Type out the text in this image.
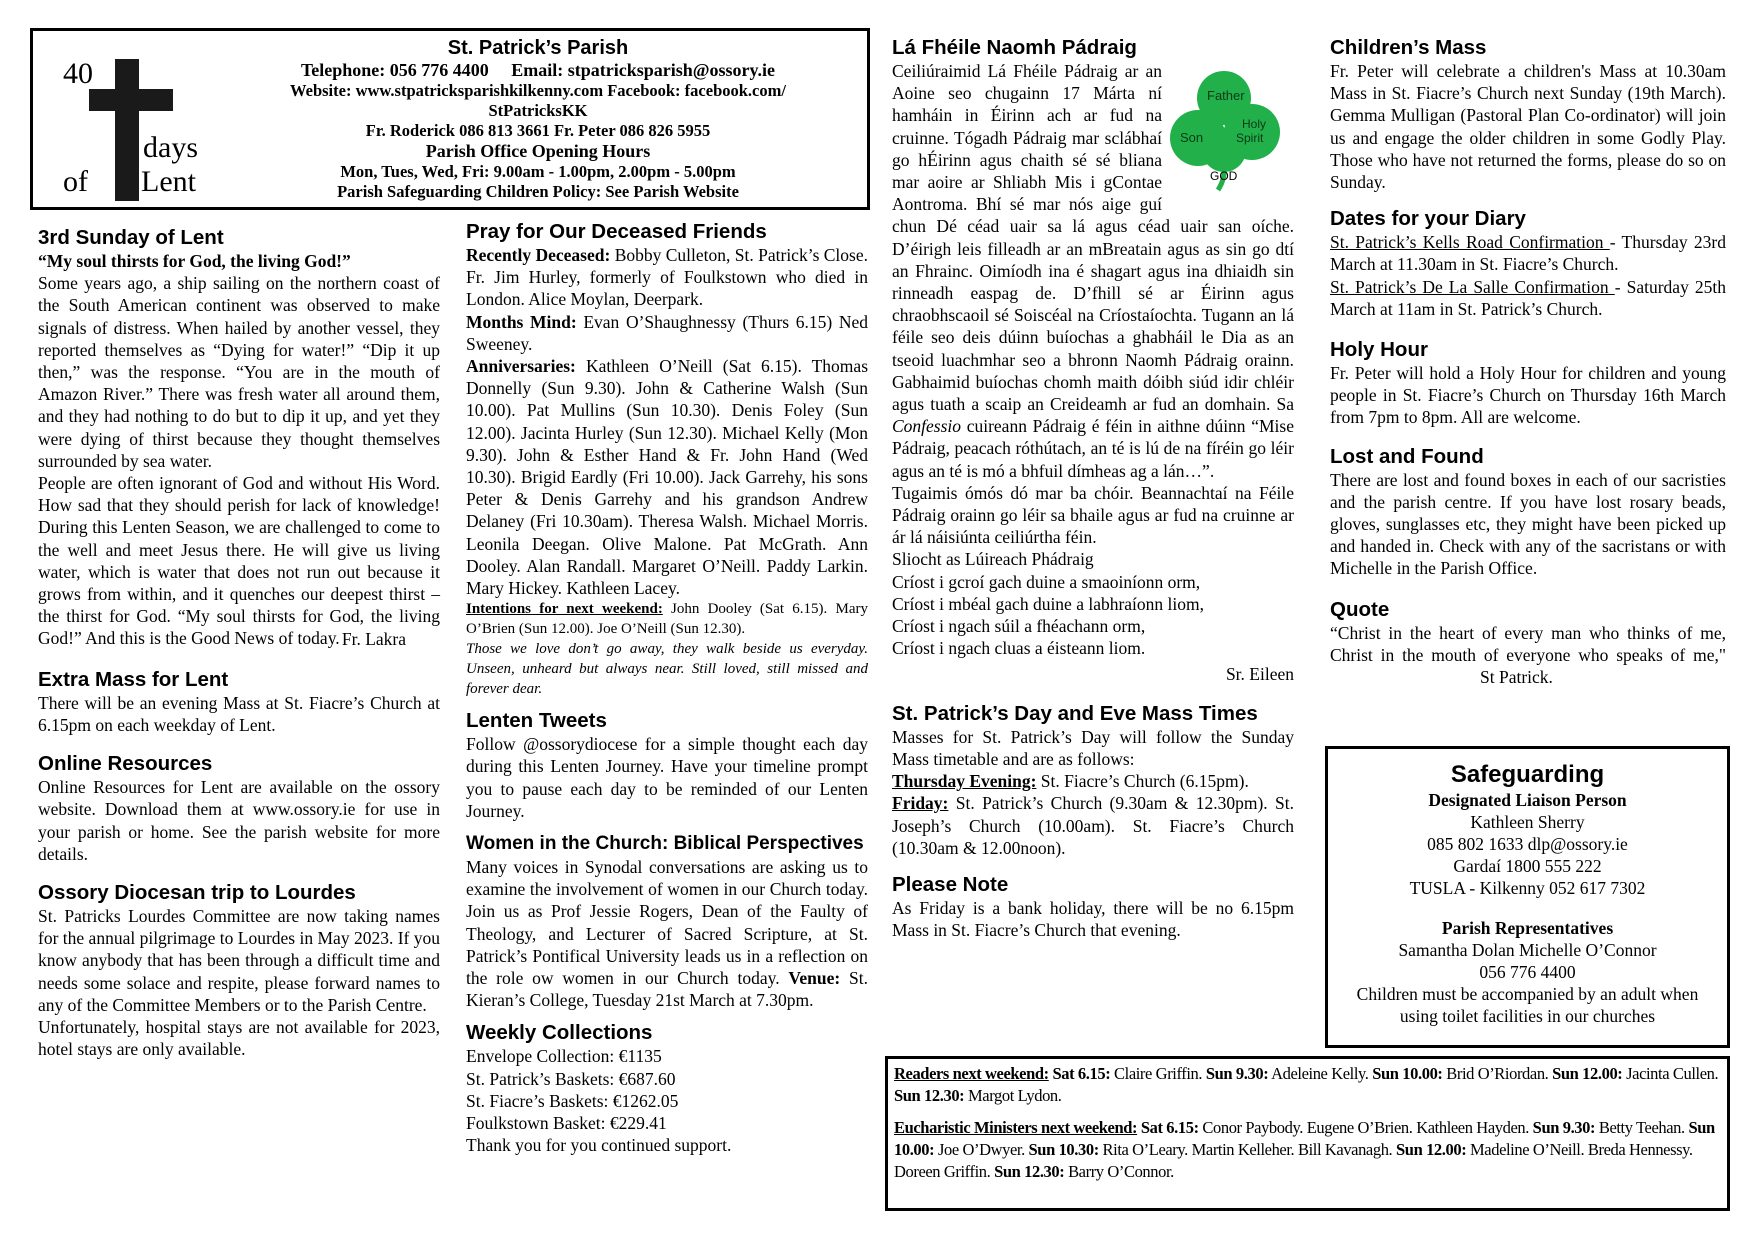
40
days
of Lent
St. Patrick’s Parish
Telephone: 056 776 4400 Email: stpatricksparish@ossory.ie
Website: www.stpatricksparishkilkenny.com Facebook: facebook.com/
StPatricksKK
Fr. Roderick 086 813 3661 Fr. Peter 086 826 5955
Parish Office Opening Hours
Mon, Tues, Wed, Fri: 9.00am - 1.00pm, 2.00pm - 5.00pm
Parish Safeguarding Children Policy: See Parish Website
3rd Sunday of Lent

“My soul thirsts for God, the living God!”

Some years ago, a ship sailing on the northern coast of the South American continent was observed to make signals of distress. When hailed by another vessel, they reported themselves as “Dying for water!” “Dip it up then,” was the response. “You are in the mouth of Amazon River.” There was fresh water all around them, and they had nothing to do but to dip it up, and yet they were dying of thirst because they thought themselves surrounded by sea water.

People are often ignorant of God and without His Word. How sad that they should perish for lack of knowledge! During this Lenten Season, we are challenged to come to the well and meet Jesus there. He will give us living water, which is water that does not run out because it grows from within, and it quenches our deepest thirst – the thirst for God. “My soul thirsts for God, the living God!” And this is the Good News of today. Fr. Lakra

Extra Mass for Lent

There will be an evening Mass at St. Fiacre’s Church at 6.15pm on each weekday of Lent.

Online Resources

Online Resources for Lent are available on the ossory website. Download them at www.ossory.ie for use in your parish or home. See the parish website for more details.

Ossory Diocesan trip to Lourdes

St. Patricks Lourdes Committee are now taking names for the annual pilgrimage to Lourdes in May 2023. If you know anybody that has been through a difficult time and needs some solace and respite, please forward names to any of the Committee Members or to the Parish Centre.

Unfortunately, hospital stays are not available for 2023, hotel stays are only available.

Pray for Our Deceased Friends

Recently Deceased: Bobby Culleton, St. Patrick’s Close. Fr. Jim Hurley, formerly of Foulkstown who died in London. Alice Moylan, Deerpark.

Months Mind: Evan O’Shaughnessy (Thurs 6.15) Ned Sweeney.

Anniversaries: Kathleen O’Neill (Sat 6.15). Thomas Donnelly (Sun 9.30). John & Catherine Walsh (Sun 10.00). Pat Mullins (Sun 10.30). Denis Foley (Sun 12.00). Jacinta Hurley (Sun 12.30). Michael Kelly (Mon 9.30). John & Esther Hand & Fr. John Hand (Wed 10.30). Brigid Eardly (Fri 10.00). Jack Garrehy, his sons Peter & Denis Garrehy and his grandson Andrew Delaney (Fri 10.30am). Theresa Walsh. Michael Morris. Leonila Deegan. Olive Malone. Pat McGrath. Ann Dooley. Alan Randall. Margaret O’Neill. Paddy Larkin. Mary Hickey. Kathleen Lacey.

Intentions for next weekend: John Dooley (Sat 6.15). Mary O’Brien (Sun 12.00). Joe O’Neill (Sun 12.30).

Those we love don’t go away, they walk beside us everyday. Unseen, unheard but always near. Still loved, still missed and forever dear.

Lenten Tweets

Follow @ossorydiocese for a simple thought each day during this Lenten Journey. Have your timeline prompt you to pause each day to be reminded of our Lenten Journey.

Women in the Church: Biblical Perspectives

Many voices in Synodal conversations are asking us to examine the involvement of women in our Church today. Join us as Prof Jessie Rogers, Dean of the Faulty of Theology, and Lecturer of Sacred Scripture, at St. Patrick’s Pontifical University leads us in a reflection on the role ow women in our Church today. Venue: St. Kieran’s College, Tuesday 21st March at 7.30pm.

Weekly Collections

Envelope Collection: €1135

St. Patrick’s Baskets: €687.60

St. Fiacre’s Baskets: €1262.05

Foulkstown Basket: €229.41

Thank you for you continued support.

Father
Son
Holy
Spirit
GOD
Lá Fhéile Naomh Pádraig

Ceiliúraimid Lá Fhéile Pádraig ar an Aoine seo chugainn 17 Márta ní hamháin in Éirinn ach ar fud na cruinne. Tógadh Pádraig mar sclábhaí go hÉirinn agus chaith sé sé bliana mar aoire ar Shliabh Mis i gContae Aontroma. Bhí sé mar nós aige guí chun Dé céad uair sa lá agus céad uair san oíche. D’éirigh leis filleadh ar an mBreatain agus as sin go dtí an Fhrainc. Oimíodh ina é shagart agus ina dhiaidh sin rinneadh easpag de. D’fhill sé ar Éirinn agus chraobhscaoil sé Soiscéal na Críostaíochta. Tugann an lá féile seo deis dúinn buíochas a ghabháil le Dia as an tseoid luachmhar seo a bhronn Naomh Pádraig orainn. Gabhaimid buíochas chomh maith dóibh siúd idir chléir agus tuath a scaip an Creideamh ar fud an domhain. Sa Confessio cuireann Pádraig é féin in aithne dúinn “Mise Pádraig, peacach róthútach, an té is lú de na fíréin go léir agus an té is mó a bhfuil dímheas ag a lán…”.

Tugaimis ómós dó mar ba chóir. Beannachtaí na Féile Pádraig orainn go léir sa bhaile agus ar fud na cruinne ar ár lá náisiúnta ceiliúrtha féin.

Sliocht as Lúireach Phádraig

Críost i gcroí gach duine a smaoiníonn orm,

Críost i mbéal gach duine a labhraíonn liom,

Críost i ngach súil a fhéachann orm,

Críost i ngach cluas a éisteann liom.

Sr. Eileen

St. Patrick’s Day and Eve Mass Times

Masses for St. Patrick’s Day will follow the Sunday Mass timetable and are as follows:

Thursday Evening: St. Fiacre’s Church (6.15pm).

Friday: St. Patrick’s Church (9.30am & 12.30pm). St. Joseph’s Church (10.00am). St. Fiacre’s Church (10.30am & 12.00noon).

Please Note

As Friday is a bank holiday, there will be no 6.15pm Mass in St. Fiacre’s Church that evening.

Children’s Mass

Fr. Peter will celebrate a children's Mass at 10.30am Mass in St. Fiacre’s Church next Sunday (19th March). Gemma Mulligan (Pastoral Plan Co-ordinator) will join us and engage the older children in some Godly Play. Those who have not returned the forms, please do so on Sunday.

Dates for your Diary

St. Patrick’s Kells Road Confirmation - Thursday 23rd March at 11.30am in St. Fiacre’s Church.

St. Patrick’s De La Salle Confirmation - Saturday 25th March at 11am in St. Patrick’s Church.

Holy Hour

Fr. Peter will hold a Holy Hour for children and young people in St. Fiacre’s Church on Thursday 16th March from 7pm to 8pm. All are welcome.

Lost and Found

There are lost and found boxes in each of our sacristies and the parish centre. If you have lost rosary beads, gloves, sunglasses etc, they might have been picked up and handed in. Check with any of the sacristans or with Michelle in the Parish Office.

Quote

“Christ in the heart of every man who thinks of me, Christ in the mouth of everyone who speaks of me,"St Patrick.

Safeguarding
Designated Liaison Person
Kathleen Sherry
085 802 1633 dlp@ossory.ie
Gardaí 1800 555 222
TUSLA - Kilkenny 052 617 7302
Parish Representatives
Samantha Dolan Michelle O’Connor
056 776 4400
Children must be accompanied by an adult when using toilet facilities in our churches

Readers next weekend: Sat 6.15: Claire Griffin. Sun 9.30: Adeleine Kelly. Sun 10.00: Brid O’Riordan. Sun 12.00: Jacinta Cullen. Sun 12.30: Margot Lydon.

Eucharistic Ministers next weekend: Sat 6.15: Conor Paybody. Eugene O’Brien. Kathleen Hayden. Sun 9.30: Betty Teehan. Sun 10.00: Joe O’Dwyer. Sun 10.30: Rita O’Leary. Martin Kelleher. Bill Kavanagh. Sun 12.00: Madeline O’Neill. Breda Hennessy. Doreen Griffin. Sun 12.30: Barry O’Connor.
